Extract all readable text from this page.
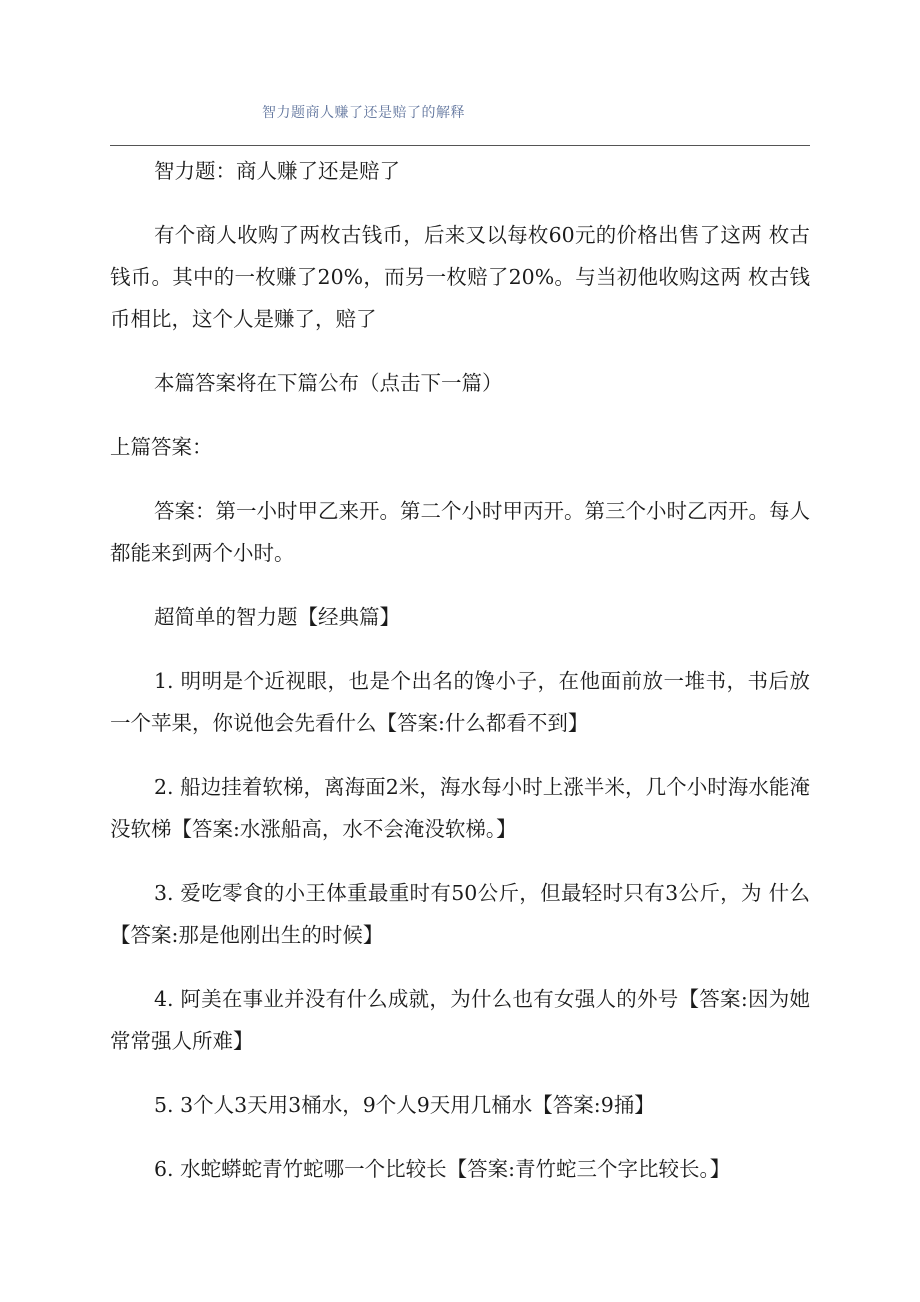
智力题商人赚了还是赔了的解释

智力题：商人赚了还是赔了

有个商人收购了两枚古钱币，后来又以每枚60元的价格出售了这两 枚古钱币。其中的一枚赚了20%，而另一枚赔了20%。与当初他收购这两 枚古钱币相比，这个人是赚了，赔了

本篇答案将在下篇公布（点击下一篇）

上篇答案：

答案：第一小时甲乙来开。第二个小时甲丙开。第三个小时乙丙开。每人都能来到两个小时。

超简单的智力题【经典篇】

1. 明明是个近视眼，也是个出名的馋小子，在他面前放一堆书，书后放一个苹果，你说他会先看什么【答案:什么都看不到】

2. 船边挂着软梯，离海面2米，海水每小时上涨半米，几个小时海水能淹没软梯【答案:水涨船高，水不会淹没软梯。】

3. 爱吃零食的小王体重最重时有50公斤，但最轻时只有3公斤，为 什么【答案:那是他刚出生的时候】

4. 阿美在事业并没有什么成就，为什么也有女强人的外号【答案:因为她常常强人所难】

5. 3个人3天用3桶水，9个人9天用几桶水【答案:9捅】

6. 水蛇蟒蛇青竹蛇哪一个比较长【答案:青竹蛇三个字比较长。】
